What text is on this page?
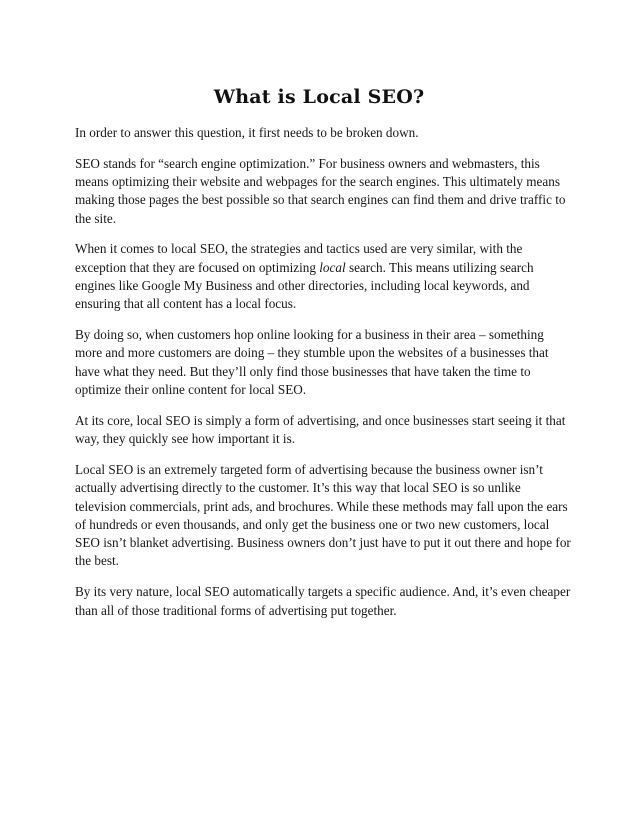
What is Local SEO?

In order to answer this question, it first needs to be broken down.

SEO stands for “search engine optimization.” For business owners and webmasters, this means optimizing their website and webpages for the search engines. This ultimately means making those pages the best possible so that search engines can find them and drive traffic to the site.

When it comes to local SEO, the strategies and tactics used are very similar, with the exception that they are focused on optimizing local search. This means utilizing search engines like Google My Business and other directories, including local keywords, and ensuring that all content has a local focus.

By doing so, when customers hop online looking for a business in their area – something more and more customers are doing – they stumble upon the websites of a businesses that have what they need. But they’ll only find those businesses that have taken the time to optimize their online content for local SEO.

At its core, local SEO is simply a form of advertising, and once businesses start seeing it that way, they quickly see how important it is.

Local SEO is an extremely targeted form of advertising because the business owner isn’t actually advertising directly to the customer. It’s this way that local SEO is so unlike television commercials, print ads, and brochures. While these methods may fall upon the ears of hundreds or even thousands, and only get the business one or two new customers, local SEO isn’t blanket advertising. Business owners don’t just have to put it out there and hope for the best.

By its very nature, local SEO automatically targets a specific audience. And, it’s even cheaper than all of those traditional forms of advertising put together.
